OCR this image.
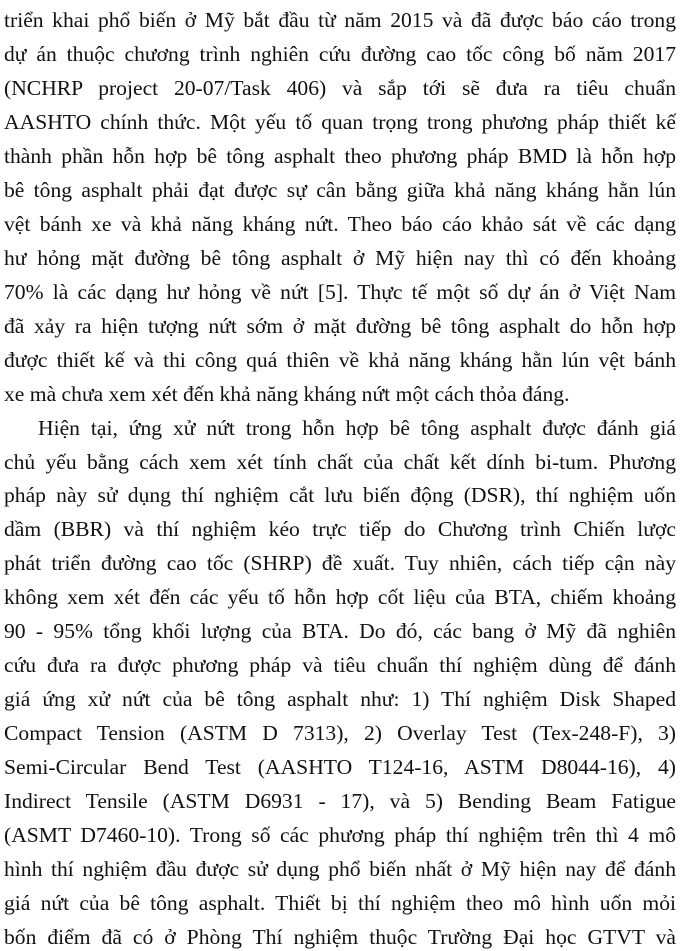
triển khai phổ biến ở Mỹ bắt đầu từ năm 2015 và đã được báo cáo trong
dự án thuộc chương trình nghiên cứu đường cao tốc công bố năm 2017
(NCHRP project 20-07/Task 406) và sắp tới sẽ đưa ra tiêu chuẩn
AASHTO chính thức. Một yếu tố quan trọng trong phương pháp thiết kế
thành phần hỗn hợp bê tông asphalt theo phương pháp BMD là hỗn hợp
bê tông asphalt phải đạt được sự cân bằng giữa khả năng kháng hằn lún
vệt bánh xe và khả năng kháng nứt. Theo báo cáo khảo sát về các dạng
hư hỏng mặt đường bê tông asphalt ở Mỹ hiện nay thì có đến khoảng
70% là các dạng hư hỏng về nứt [5]. Thực tế một số dự án ở Việt Nam
đã xảy ra hiện tượng nứt sớm ở mặt đường bê tông asphalt do hỗn hợp
được thiết kế và thi công quá thiên về khả năng kháng hằn lún vệt bánh
xe mà chưa xem xét đến khả năng kháng nứt một cách thỏa đáng.
Hiện tại, ứng xử nứt trong hỗn hợp bê tông asphalt được đánh giá
chủ yếu bằng cách xem xét tính chất của chất kết dính bi-tum. Phương
pháp này sử dụng thí nghiệm cắt lưu biến động (DSR), thí nghiệm uốn
dầm (BBR) và thí nghiệm kéo trực tiếp do Chương trình Chiến lược
phát triển đường cao tốc (SHRP) đề xuất. Tuy nhiên, cách tiếp cận này
không xem xét đến các yếu tố hỗn hợp cốt liệu của BTA, chiếm khoảng
90 - 95% tổng khối lượng của BTA. Do đó, các bang ở Mỹ đã nghiên
cứu đưa ra được phương pháp và tiêu chuẩn thí nghiệm dùng để đánh
giá ứng xử nứt của bê tông asphalt như: 1) Thí nghiệm Disk Shaped
Compact Tension (ASTM D 7313), 2) Overlay Test (Tex-248-F), 3)
Semi-Circular Bend Test (AASHTO T124-16, ASTM D8044-16), 4)
Indirect Tensile (ASTM D6931 - 17), và 5) Bending Beam Fatigue
(ASMT D7460-10). Trong số các phương pháp thí nghiệm trên thì 4 mô
hình thí nghiệm đầu được sử dụng phổ biến nhất ở Mỹ hiện nay để đánh
giá nứt của bê tông asphalt. Thiết bị thí nghiệm theo mô hình uốn mỏi
bốn điểm đã có ở Phòng Thí nghiệm thuộc Trường Đại học GTVT và
